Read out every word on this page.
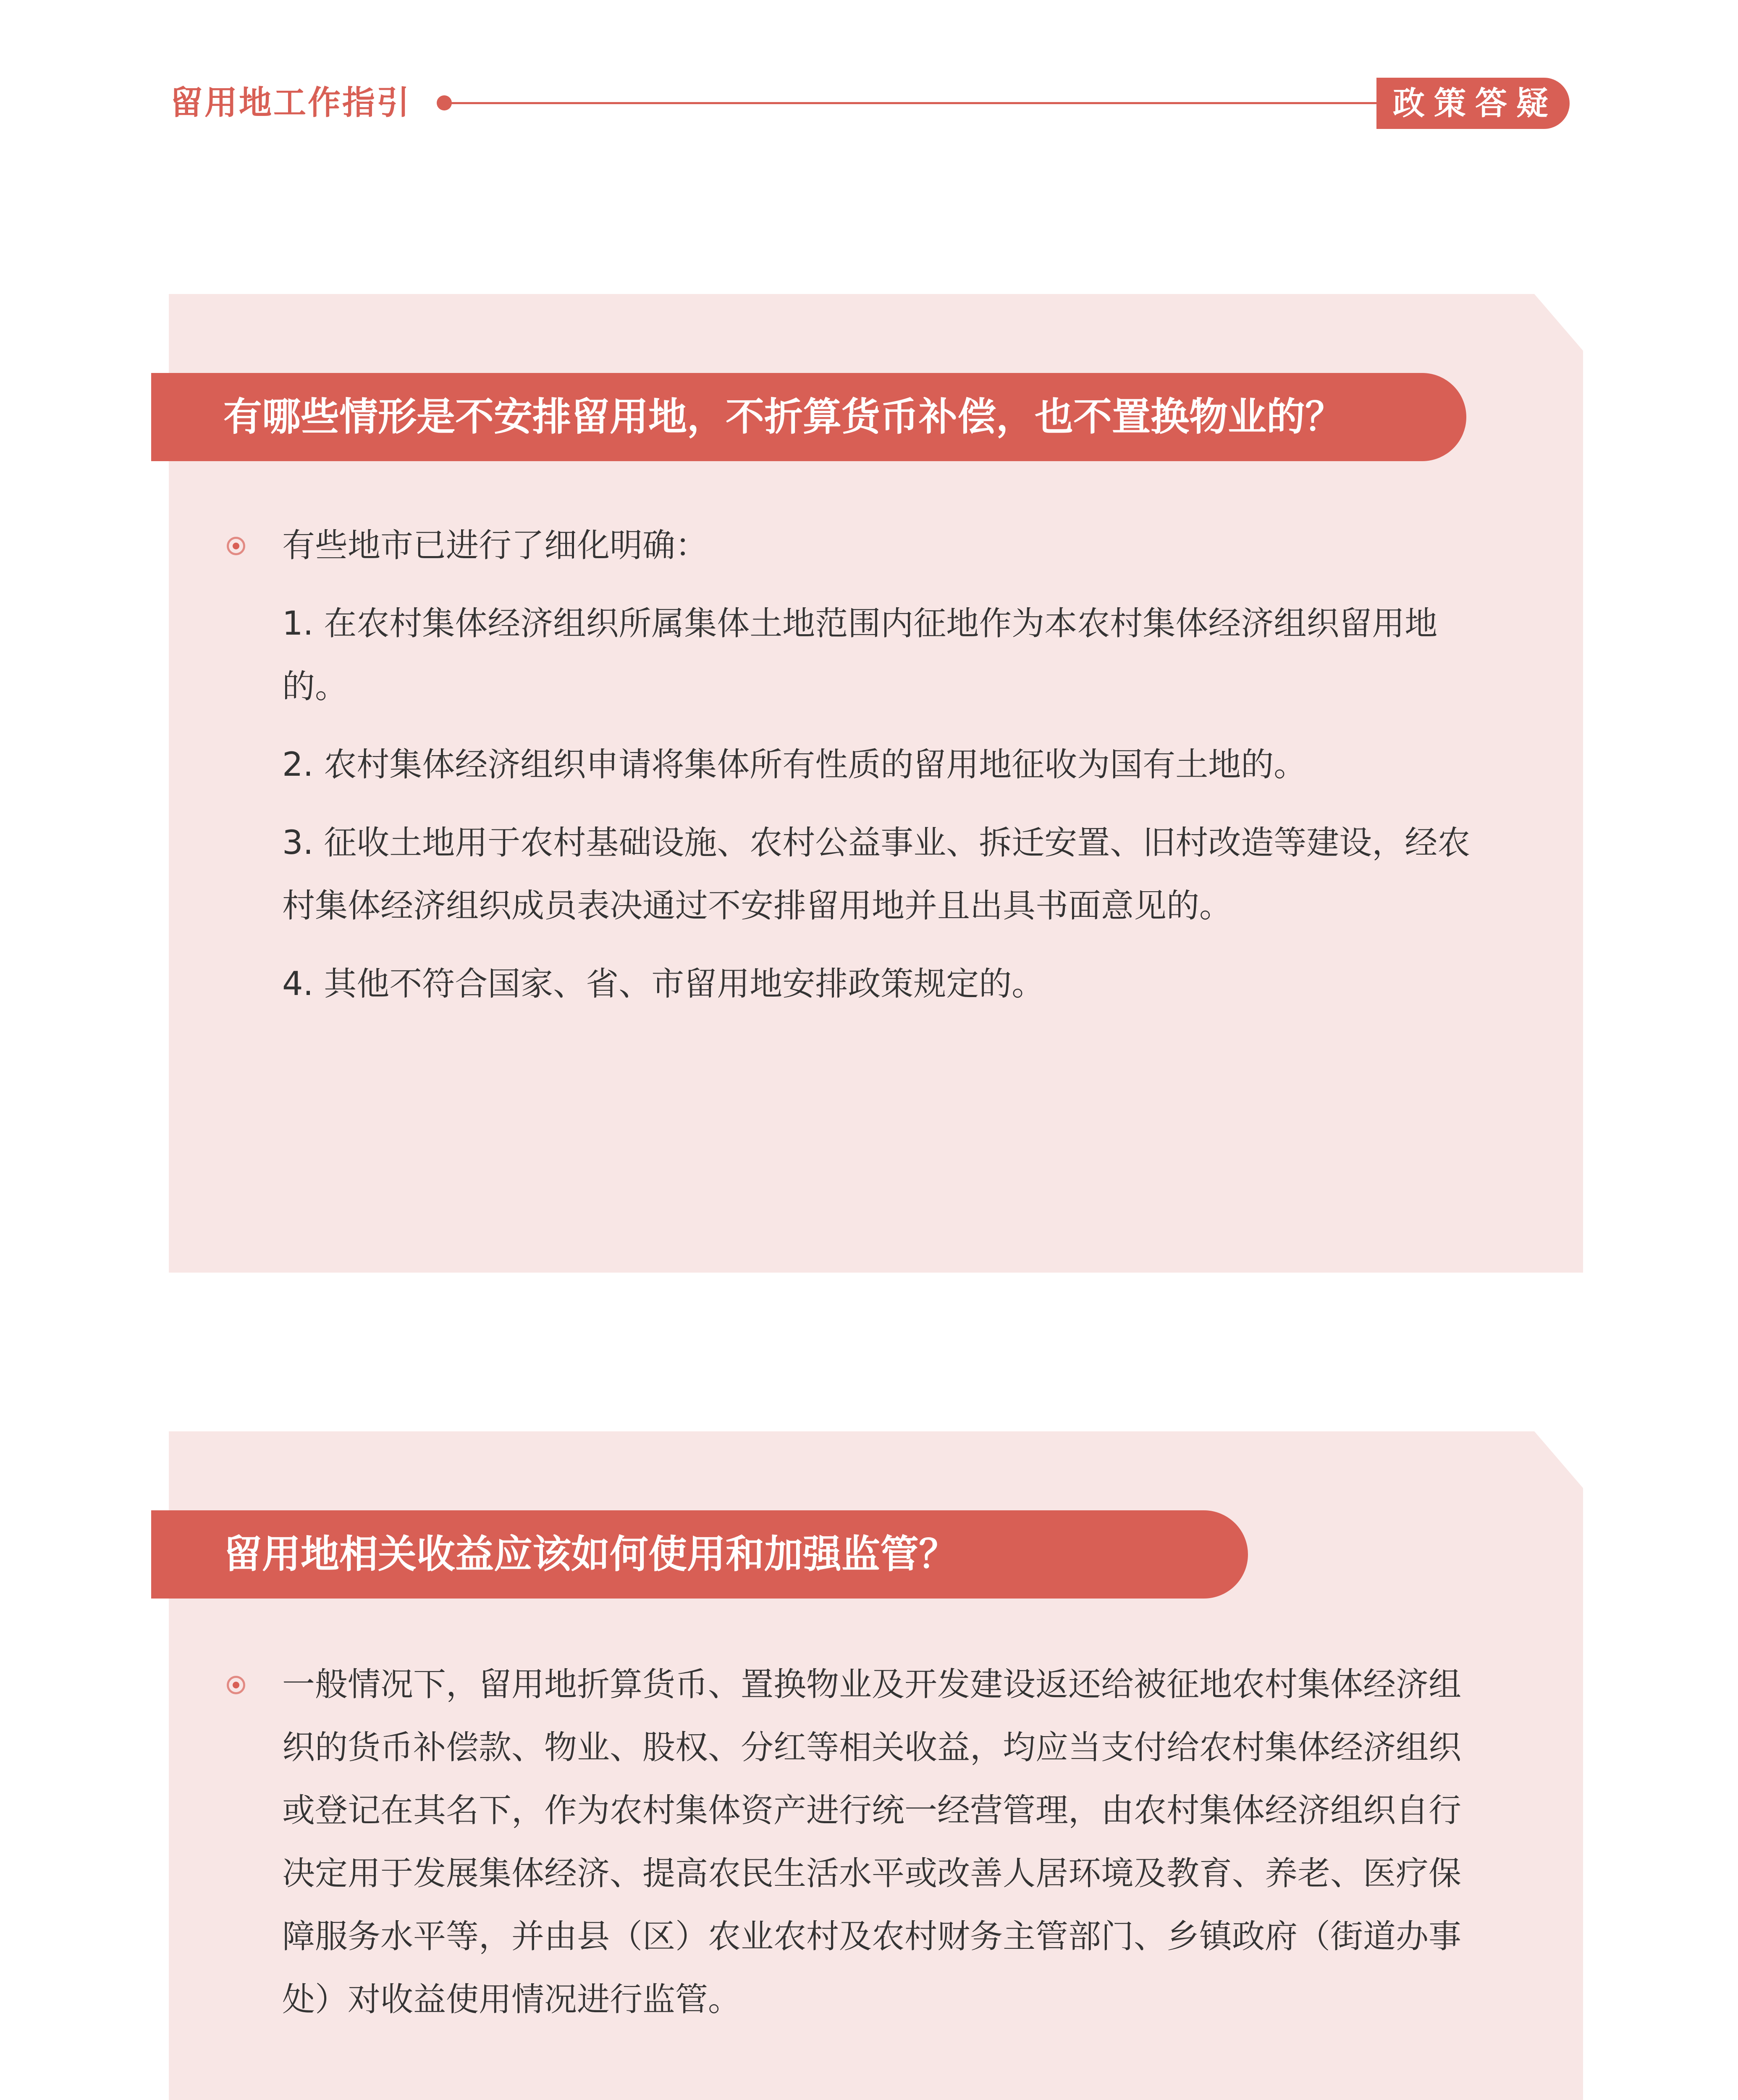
留用地工作指引	政策答疑
有哪些情形是不安排留用地，不折算货币补偿，也不置换物业的？

有些地市已进行了细化明确：

1. 在农村集体经济组织所属集体土地范围内征地作为本农村集体经济组织留用地的。

2. 农村集体经济组织申请将集体所有性质的留用地征收为国有土地的。

3. 征收土地用于农村基础设施、农村公益事业、拆迁安置、旧村改造等建设，经农村集体经济组织成员表决通过不安排留用地并且出具书面意见的。

4. 其他不符合国家、省、市留用地安排政策规定的。

留用地相关收益应该如何使用和加强监管？

一般情况下，留用地折算货币、置换物业及开发建设返还给被征地农村集体经济组织的货币补偿款、物业、股权、分红等相关收益，均应当支付给农村集体经济组织或登记在其名下，作为农村集体资产进行统一经营管理，由农村集体经济组织自行决定用于发展集体经济、提高农民生活水平或改善人居环境及教育、养老、医疗保障服务水平等，并由县（区）农业农村及农村财务主管部门、乡镇政府（街道办事处）对收益使用情况进行监管。
